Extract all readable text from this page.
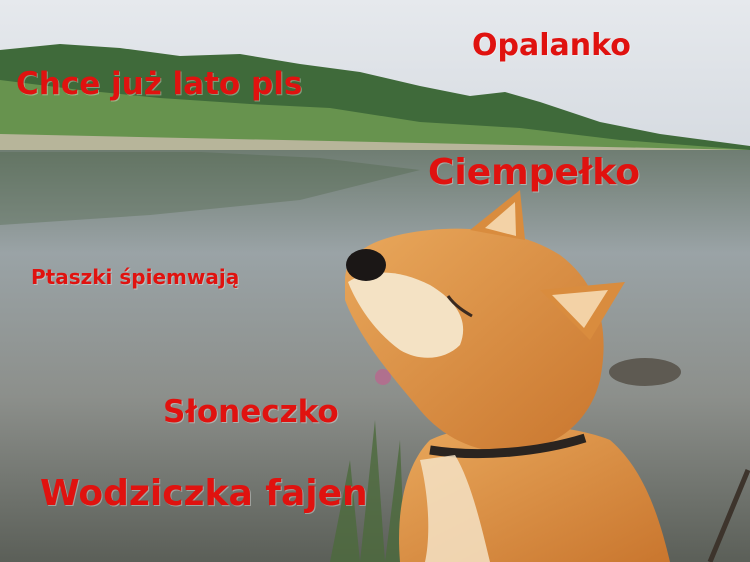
Chce już lato pls

Opalanko

Ciempełko

Ptaszki śpiemwają

Słoneczko

Wodziczka fajen
